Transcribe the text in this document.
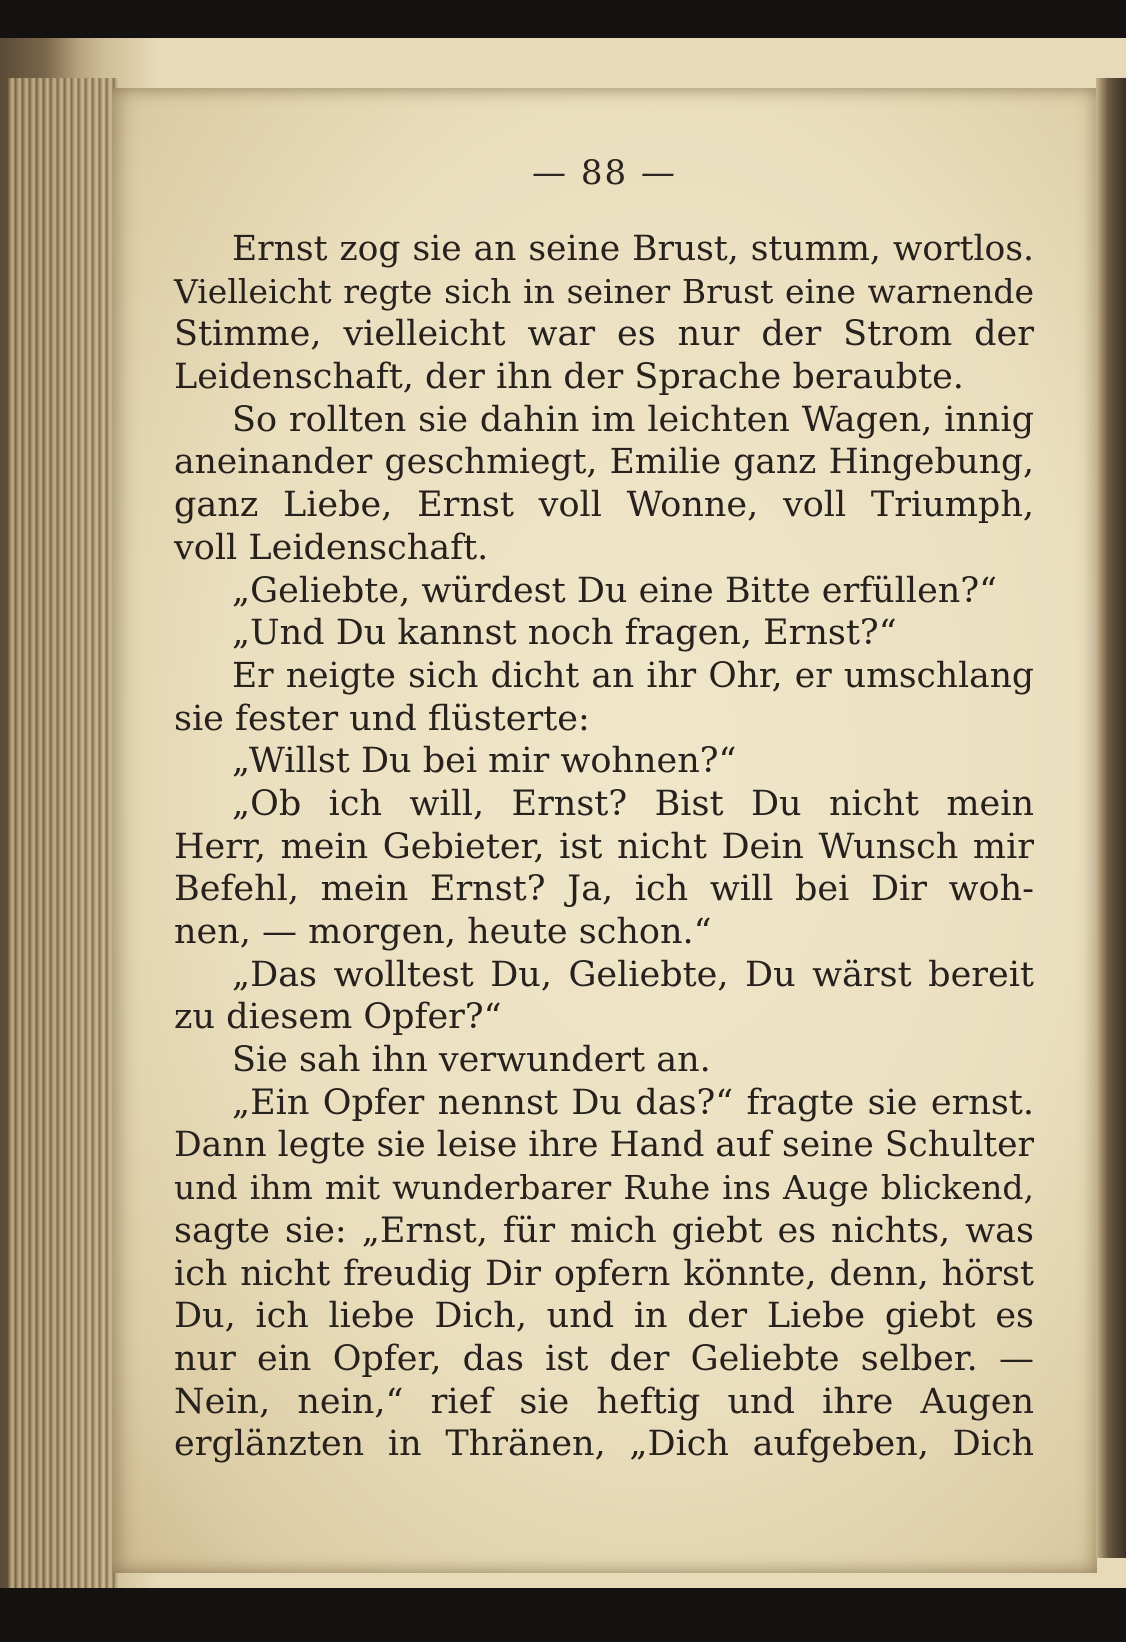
— 88 —
Ernst zog sie an seine Brust, stumm, wortlos.
Vielleicht regte sich in seiner Brust eine warnende
Stimme, vielleicht war es nur der Strom der
Leidenschaft, der ihn der Sprache beraubte.
So rollten sie dahin im leichten Wagen, innig
aneinander geschmiegt, Emilie ganz Hingebung,
ganz Liebe, Ernst voll Wonne, voll Triumph,
voll Leidenschaft.
„Geliebte, würdest Du eine Bitte erfüllen?“
„Und Du kannst noch fragen, Ernst?“
Er neigte sich dicht an ihr Ohr, er umschlang
sie fester und flüsterte:
„Willst Du bei mir wohnen?“
„Ob ich will, Ernst? Bist Du nicht mein
Herr, mein Gebieter, ist nicht Dein Wunsch mir
Befehl, mein Ernst? Ja, ich will bei Dir woh-
nen, — morgen, heute schon.“
„Das wolltest Du, Geliebte, Du wärst bereit
zu diesem Opfer?“
Sie sah ihn verwundert an.
„Ein Opfer nennst Du das?“ fragte sie ernst.
Dann legte sie leise ihre Hand auf seine Schulter
und ihm mit wunderbarer Ruhe ins Auge blickend,
sagte sie: „Ernst, für mich giebt es nichts, was
ich nicht freudig Dir opfern könnte, denn, hörst
Du, ich liebe Dich, und in der Liebe giebt es
nur ein Opfer, das ist der Geliebte selber. —
Nein, nein,“ rief sie heftig und ihre Augen
erglänzten in Thränen, „Dich aufgeben, Dich
